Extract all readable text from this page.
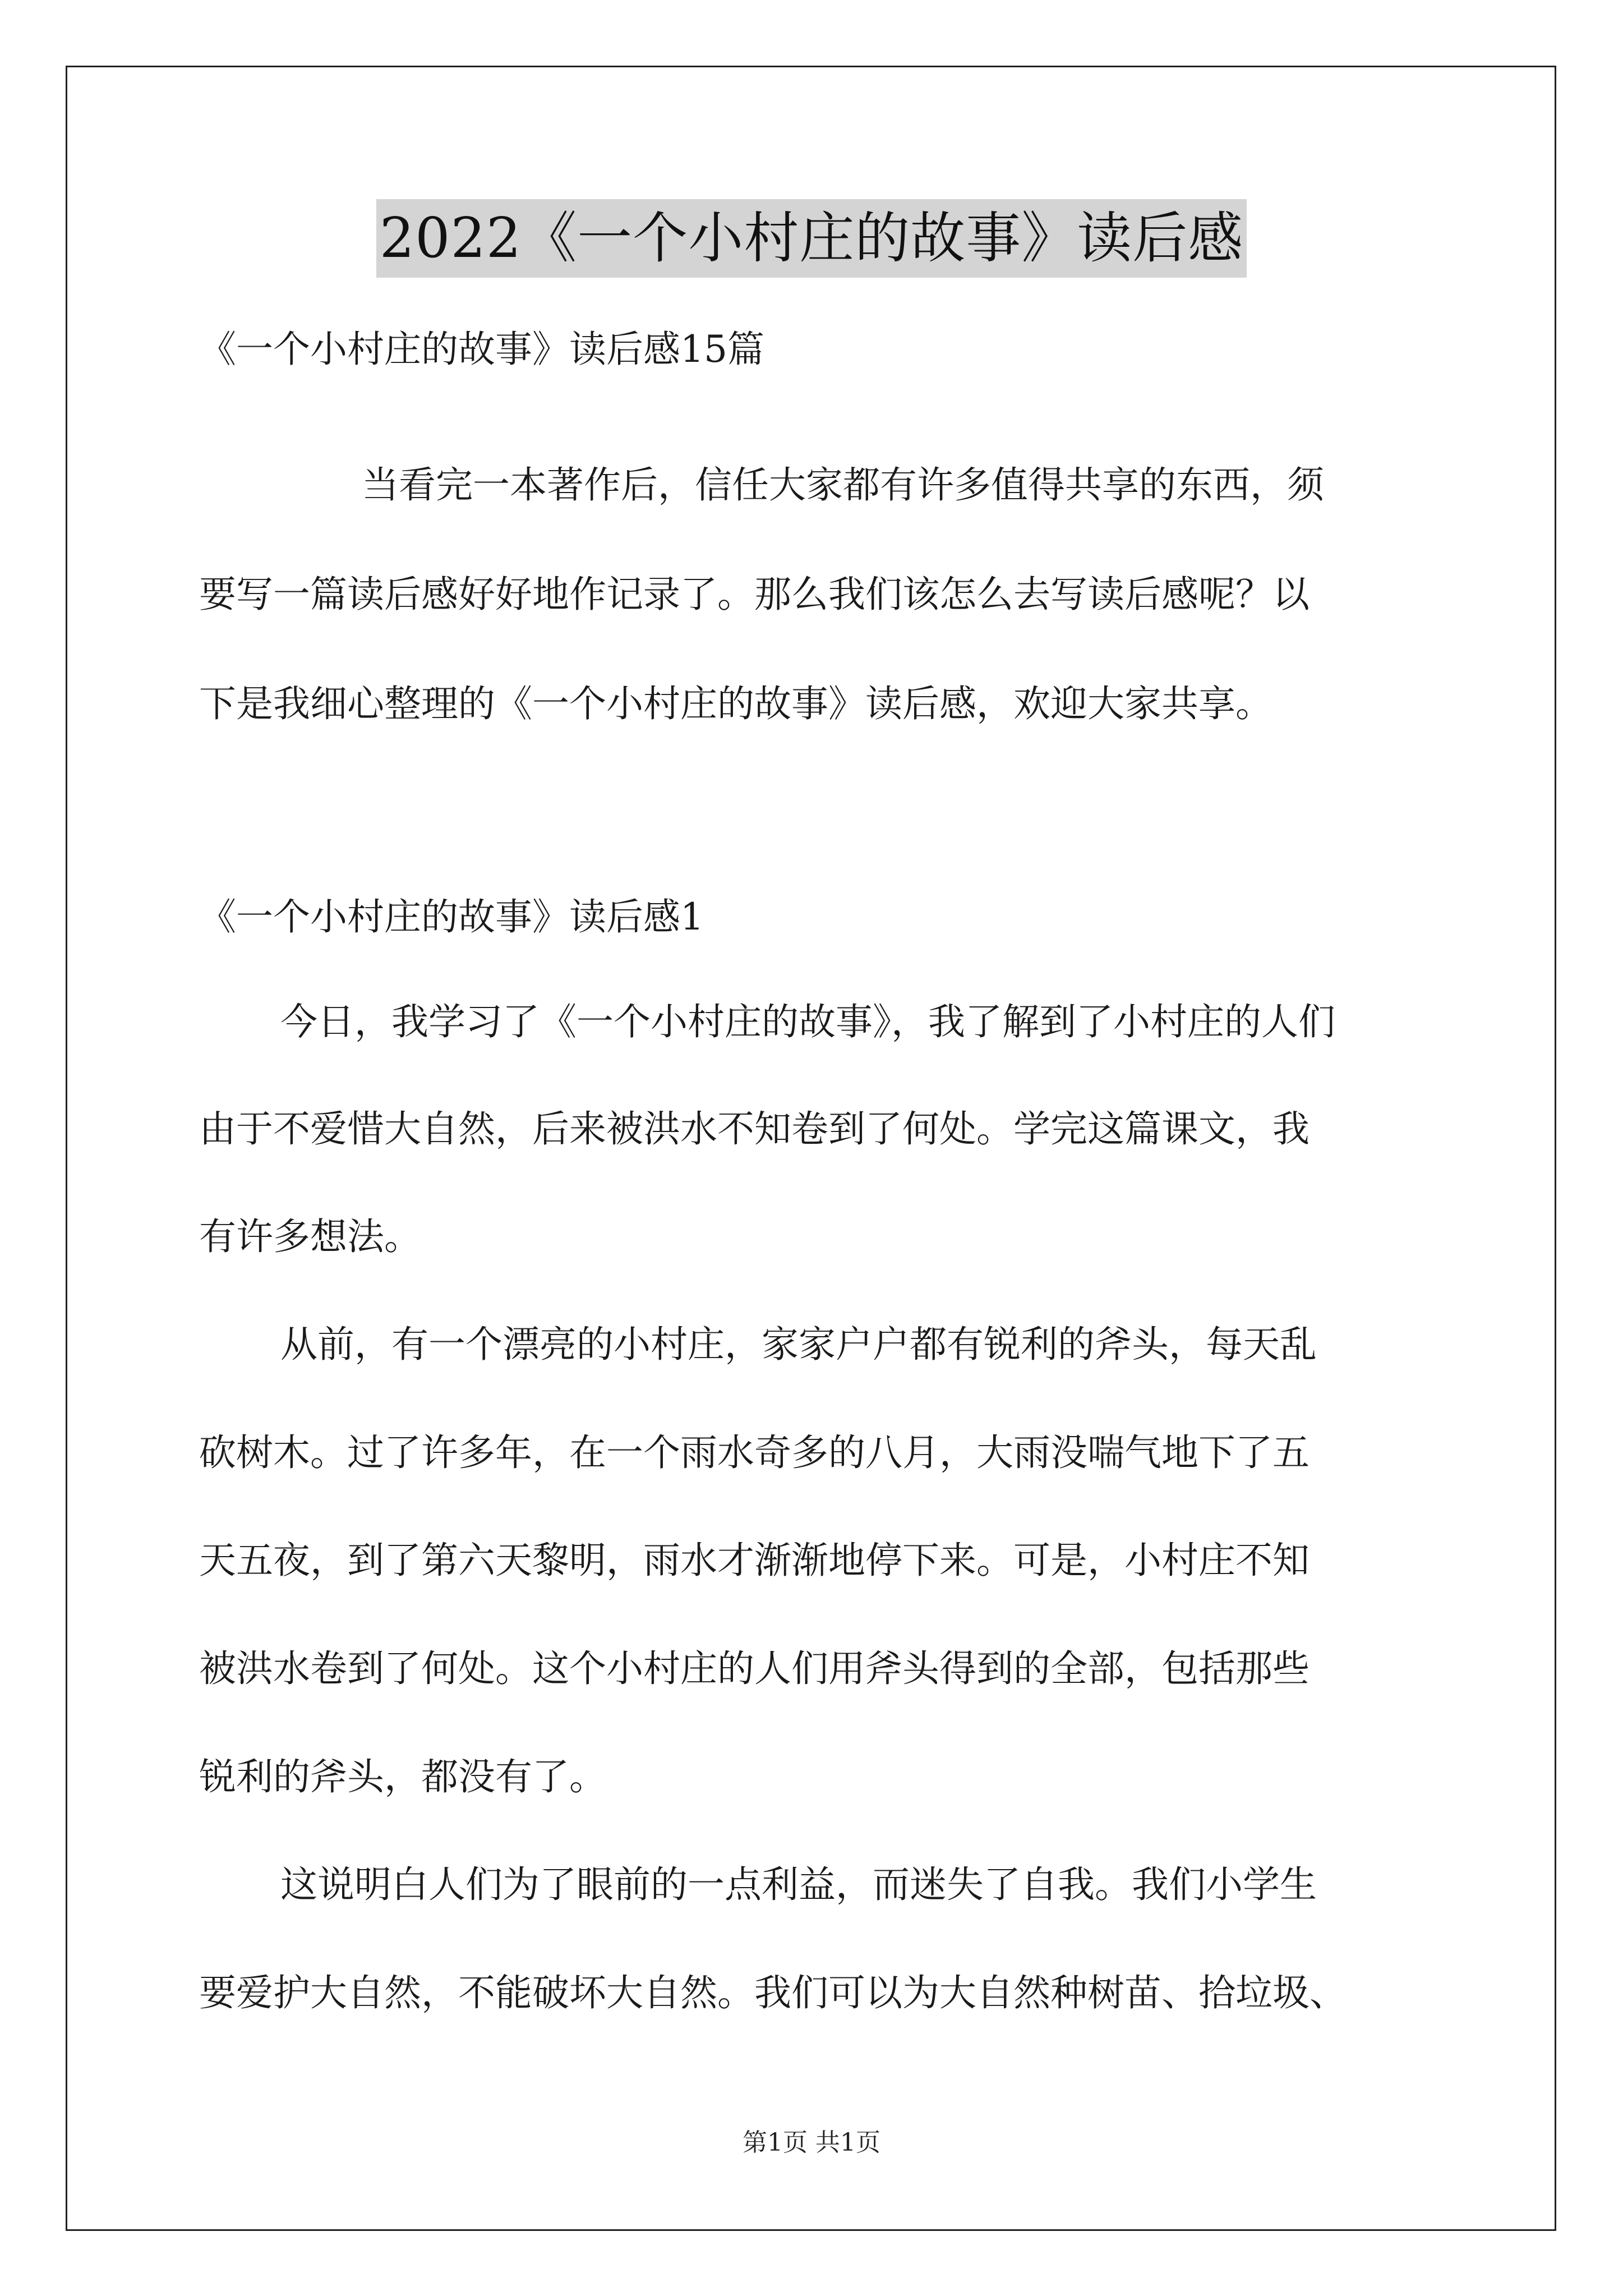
2022《一个小村庄的故事》读后感
《一个小村庄的故事》读后感15篇
当看完一本著作后，信任大家都有许多值得共享的东西，须
要写一篇读后感好好地作记录了。那么我们该怎么去写读后感呢？以
下是我细心整理的《一个小村庄的故事》读后感，欢迎大家共享。
《一个小村庄的故事》读后感1
今日，我学习了《一个小村庄的故事》，我了解到了小村庄的人们
由于不爱惜大自然，后来被洪水不知卷到了何处。学完这篇课文，我
有许多想法。
从前，有一个漂亮的小村庄，家家户户都有锐利的斧头，每天乱
砍树木。过了许多年，在一个雨水奇多的八月，大雨没喘气地下了五
天五夜，到了第六天黎明，雨水才渐渐地停下来。可是，小村庄不知
被洪水卷到了何处。这个小村庄的人们用斧头得到的全部，包括那些
锐利的斧头，都没有了。
这说明白人们为了眼前的一点利益，而迷失了自我。我们小学生
要爱护大自然，不能破坏大自然。我们可以为大自然种树苗、拾垃圾、
第1页 共1页
